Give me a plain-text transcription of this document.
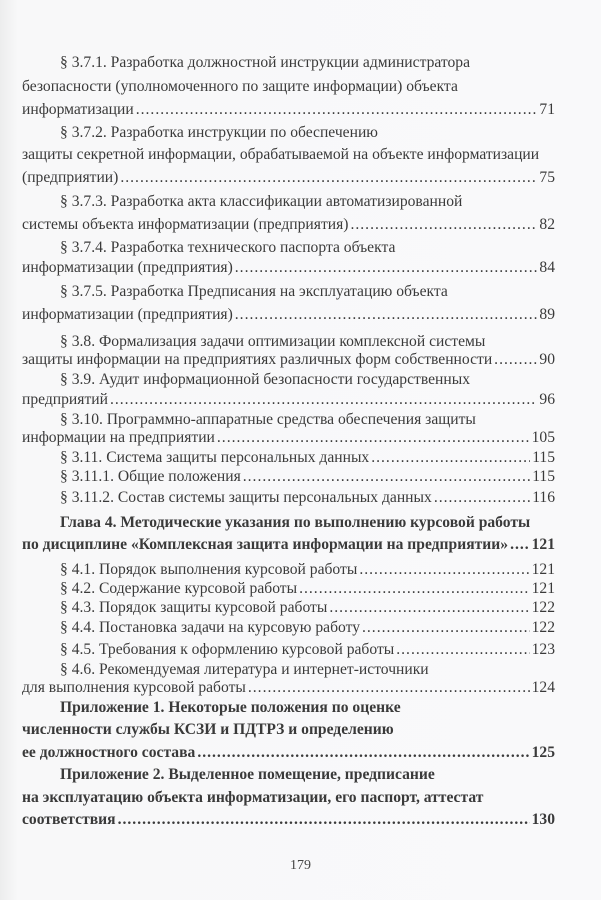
§ 3.7.1. Разработка должностной инструкции администратора
безопасности (уполномоченного по защите информации) объекта
информатизации .....	71
§ 3.7.2. Разработка инструкции по обеспечению
защиты секретной информации, обрабатываемой на объекте информатизации
(предприятии) .....	75
§ 3.7.3. Разработка акта классификации автоматизированной
системы объекта информатизации (предприятия) .....	82
§ 3.7.4. Разработка технического паспорта объекта
информатизации (предприятия) .....	84
§ 3.7.5. Разработка Предписания на эксплуатацию объекта
информатизации (предприятия) .....	89
§ 3.8. Формализация задачи оптимизации комплексной системы
защиты информации на предприятиях различных форм собственности .....	90
§ 3.9. Аудит информационной безопасности государственных
предприятий .....	96
§ 3.10. Программно-аппаратные средства обеспечения защиты
информации на предприятии .....	105
§ 3.11. Система защиты персональных данных .....	115
§ 3.11.1. Общие положения .....	115
§ 3.11.2. Состав системы защиты персональных данных .....	116
Глава 4. Методические указания по выполнению курсовой работы
по дисциплине «Комплексная защита информации на предприятии» ..... 121
§ 4.1. Порядок выполнения курсовой работы .....	121
§ 4.2. Содержание курсовой работы .....	121
§ 4.3. Порядок защиты курсовой работы .....	122
§ 4.4. Постановка задачи на курсовую работу .....	122
§ 4.5. Требования к оформлению курсовой работы .....	123
§ 4.6. Рекомендуемая литература и интернет-источники
для выполнения курсовой работы .....	124
Приложение 1. Некоторые положения по оценке
численности службы КСЗИ и ПДТРЗ и определению
ее должностного состава .....	125
Приложение 2. Выделенное помещение, предписание
на эксплуатацию объекта информатизации, его паспорт, аттестат
соответствия .....	130
179
